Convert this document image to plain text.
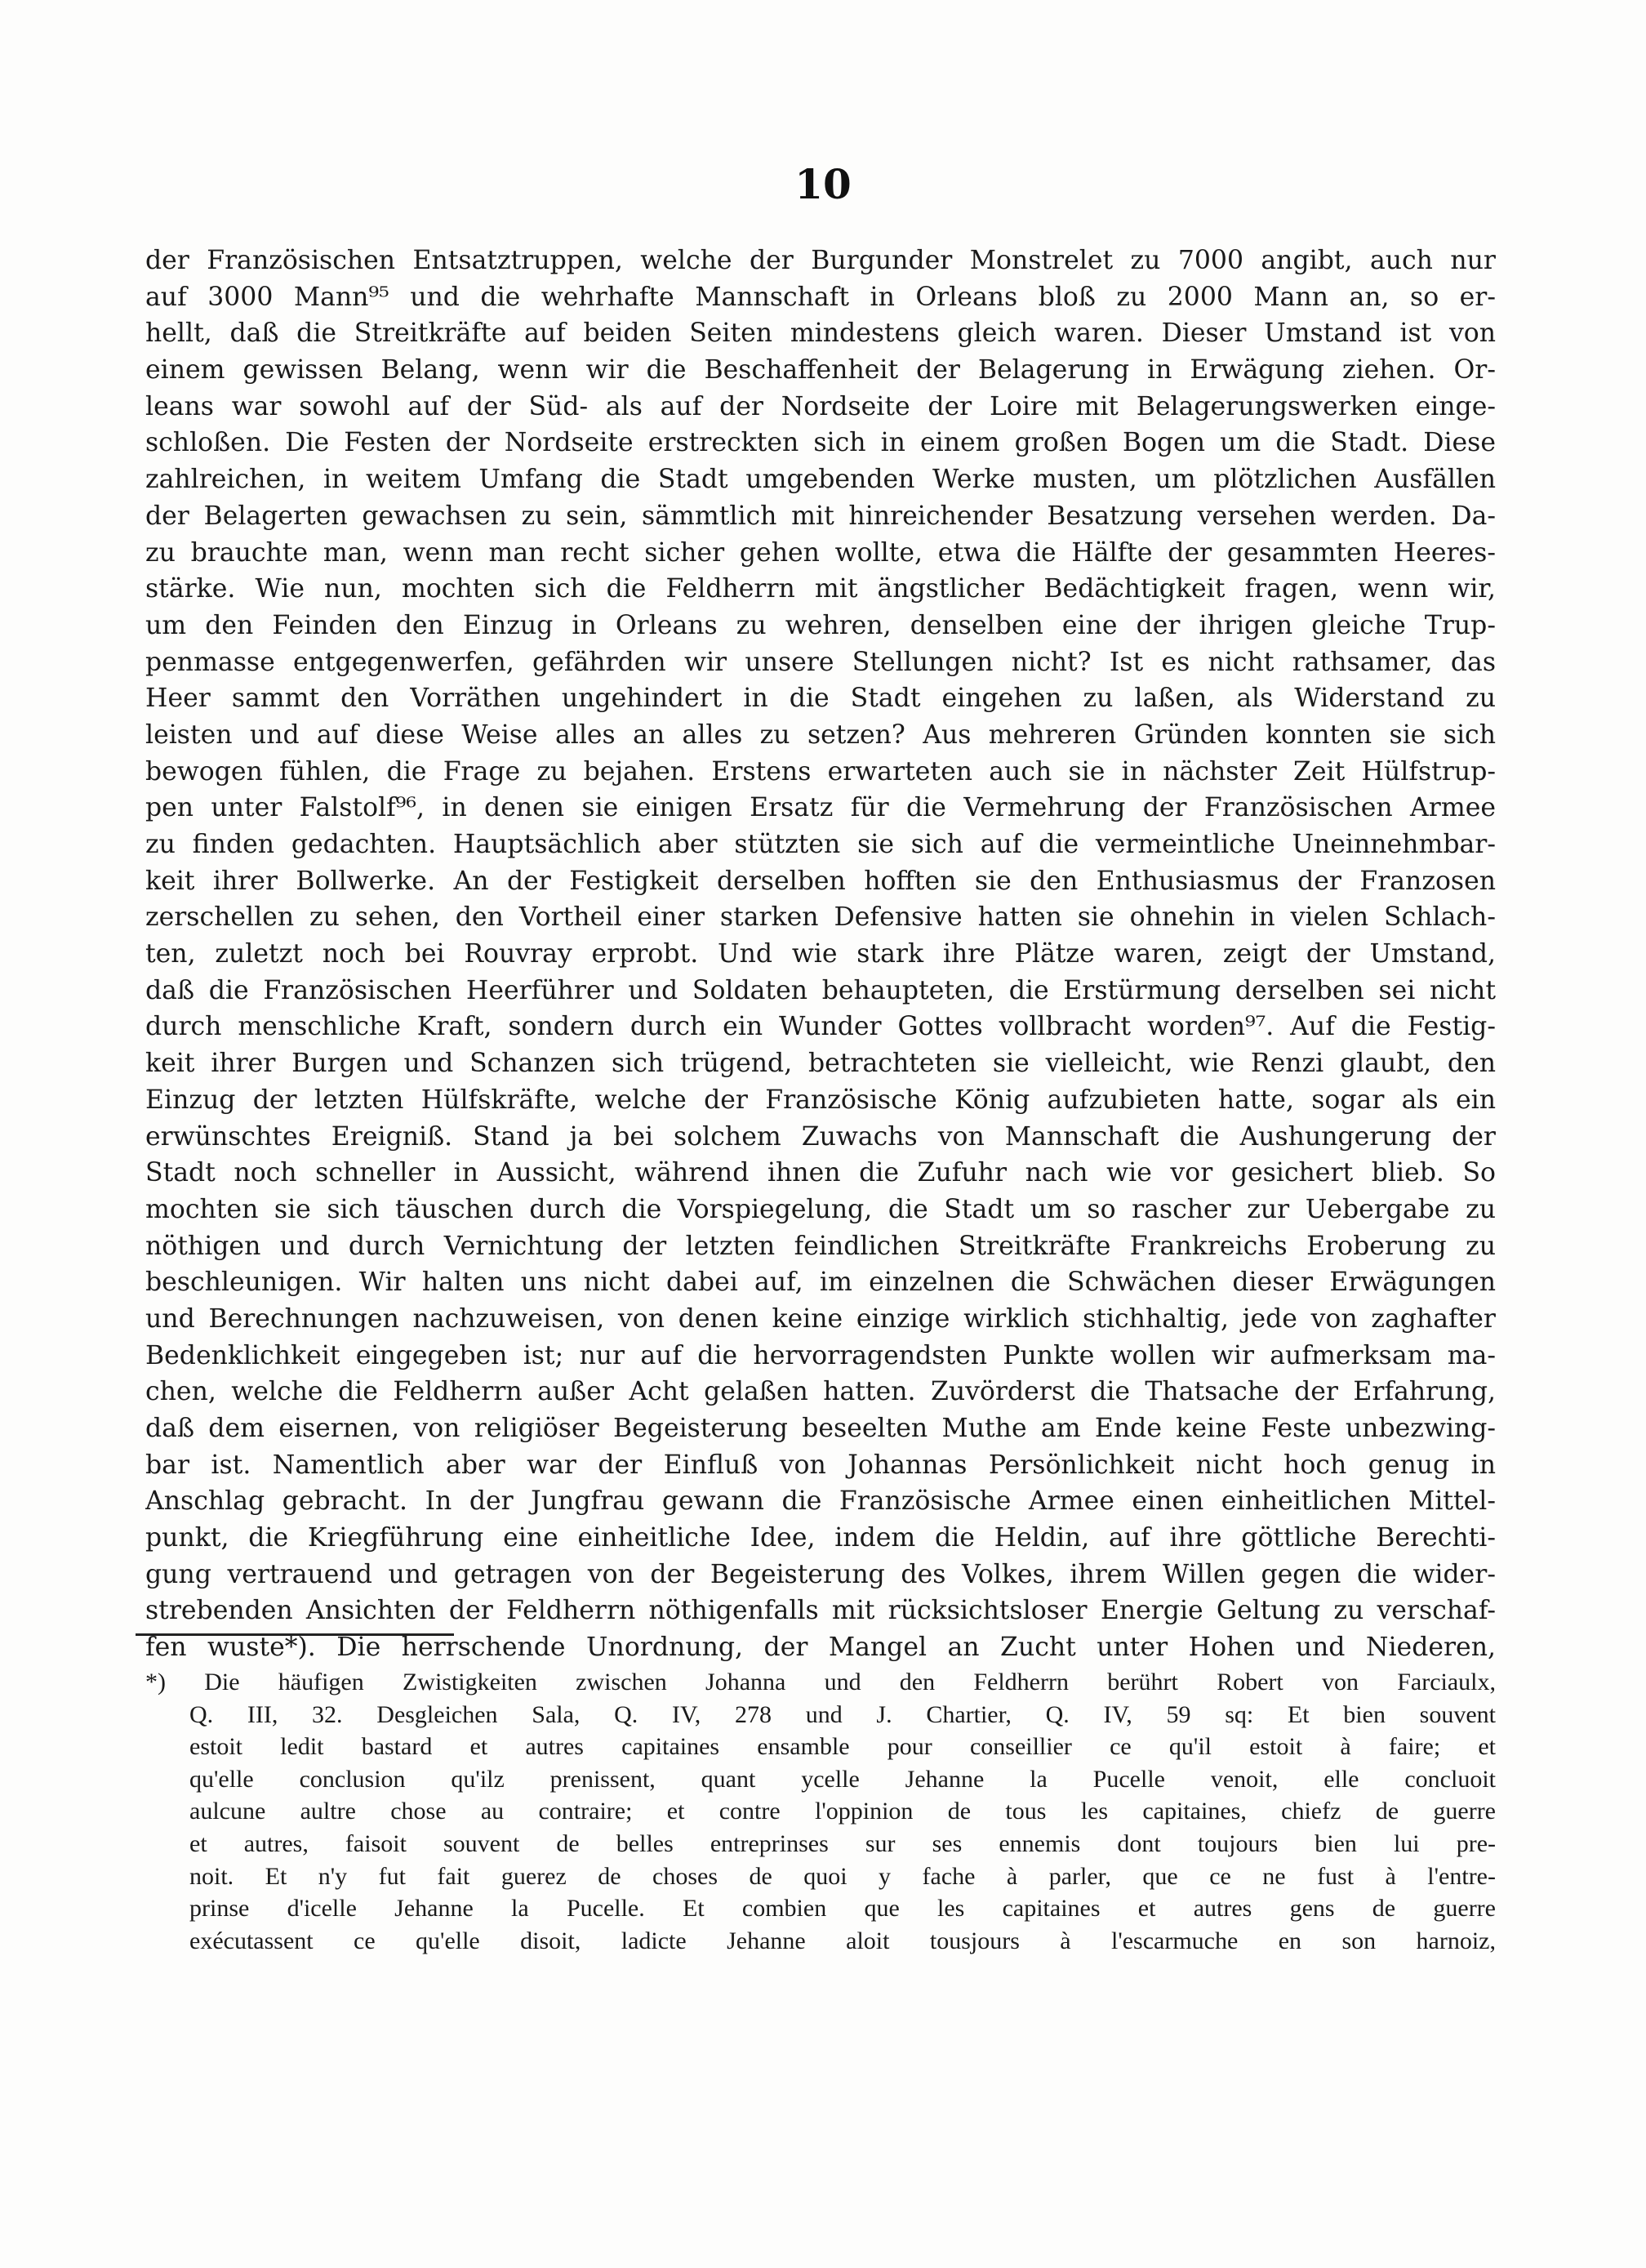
10
der Französischen Entsatztruppen, welche der Burgunder Monstrelet zu 7000 angibt, auch nur
auf 3000 Mann⁹⁵ und die wehrhafte Mannschaft in Orleans bloß zu 2000 Mann an, so er-
hellt, daß die Streitkräfte auf beiden Seiten mindestens gleich waren. Dieser Umstand ist von
einem gewissen Belang, wenn wir die Beschaffenheit der Belagerung in Erwägung ziehen. Or-
leans war sowohl auf der Süd- als auf der Nordseite der Loire mit Belagerungswerken einge-
schloßen. Die Festen der Nordseite erstreckten sich in einem großen Bogen um die Stadt. Diese
zahlreichen, in weitem Umfang die Stadt umgebenden Werke musten, um plötzlichen Ausfällen
der Belagerten gewachsen zu sein, sämmtlich mit hinreichender Besatzung versehen werden. Da-
zu brauchte man, wenn man recht sicher gehen wollte, etwa die Hälfte der gesammten Heeres-
stärke. Wie nun, mochten sich die Feldherrn mit ängstlicher Bedächtigkeit fragen, wenn wir,
um den Feinden den Einzug in Orleans zu wehren, denselben eine der ihrigen gleiche Trup-
penmasse entgegenwerfen, gefährden wir unsere Stellungen nicht? Ist es nicht rathsamer, das
Heer sammt den Vorräthen ungehindert in die Stadt eingehen zu laßen, als Widerstand zu
leisten und auf diese Weise alles an alles zu setzen? Aus mehreren Gründen konnten sie sich
bewogen fühlen, die Frage zu bejahen. Erstens erwarteten auch sie in nächster Zeit Hülfstrup-
pen unter Falstolf⁹⁶, in denen sie einigen Ersatz für die Vermehrung der Französischen Armee
zu finden gedachten. Hauptsächlich aber stützten sie sich auf die vermeintliche Uneinnehmbar-
keit ihrer Bollwerke. An der Festigkeit derselben hofften sie den Enthusiasmus der Franzosen
zerschellen zu sehen, den Vortheil einer starken Defensive hatten sie ohnehin in vielen Schlach-
ten, zuletzt noch bei Rouvray erprobt. Und wie stark ihre Plätze waren, zeigt der Umstand,
daß die Französischen Heerführer und Soldaten behaupteten, die Erstürmung derselben sei nicht
durch menschliche Kraft, sondern durch ein Wunder Gottes vollbracht worden⁹⁷. Auf die Festig-
keit ihrer Burgen und Schanzen sich trügend, betrachteten sie vielleicht, wie Renzi glaubt, den
Einzug der letzten Hülfskräfte, welche der Französische König aufzubieten hatte, sogar als ein
erwünschtes Ereigniß. Stand ja bei solchem Zuwachs von Mannschaft die Aushungerung der
Stadt noch schneller in Aussicht, während ihnen die Zufuhr nach wie vor gesichert blieb. So
mochten sie sich täuschen durch die Vorspiegelung, die Stadt um so rascher zur Uebergabe zu
nöthigen und durch Vernichtung der letzten feindlichen Streitkräfte Frankreichs Eroberung zu
beschleunigen. Wir halten uns nicht dabei auf, im einzelnen die Schwächen dieser Erwägungen
und Berechnungen nachzuweisen, von denen keine einzige wirklich stichhaltig, jede von zaghafter
Bedenklichkeit eingegeben ist; nur auf die hervorragendsten Punkte wollen wir aufmerksam ma-
chen, welche die Feldherrn außer Acht gelaßen hatten. Zuvörderst die Thatsache der Erfahrung,
daß dem eisernen, von religiöser Begeisterung beseelten Muthe am Ende keine Feste unbezwing-
bar ist. Namentlich aber war der Einfluß von Johannas Persönlichkeit nicht hoch genug in
Anschlag gebracht. In der Jungfrau gewann die Französische Armee einen einheitlichen Mittel-
punkt, die Kriegführung eine einheitliche Idee, indem die Heldin, auf ihre göttliche Berechti-
gung vertrauend und getragen von der Begeisterung des Volkes, ihrem Willen gegen die wider-
strebenden Ansichten der Feldherrn nöthigenfalls mit rücksichtsloser Energie Geltung zu verschaf-
fen wuste*). Die herrschende Unordnung, der Mangel an Zucht unter Hohen und Niederen,
*) Die häufigen Zwistigkeiten zwischen Johanna und den Feldherrn berührt Robert von Farciaulx,
Q. III, 32. Desgleichen Sala, Q. IV, 278 und J. Chartier, Q. IV, 59 sq: Et bien souvent
estoit ledit bastard et autres capitaines ensamble pour conseillier ce qu'il estoit à faire; et
qu'elle conclusion qu'ilz prenissent, quant ycelle Jehanne la Pucelle venoit, elle concluoit
aulcune aultre chose au contraire; et contre l'oppinion de tous les capitaines, chiefz de guerre
et autres, faisoit souvent de belles entreprinses sur ses ennemis dont toujours bien lui pre-
noit. Et n'y fut fait guerez de choses de quoi y fache à parler, que ce ne fust à l'entre-
prinse d'icelle Jehanne la Pucelle. Et combien que les capitaines et autres gens de guerre
exécutassent ce qu'elle disoit, ladicte Jehanne aloit tousjours à l'escarmuche en son harnoiz,
